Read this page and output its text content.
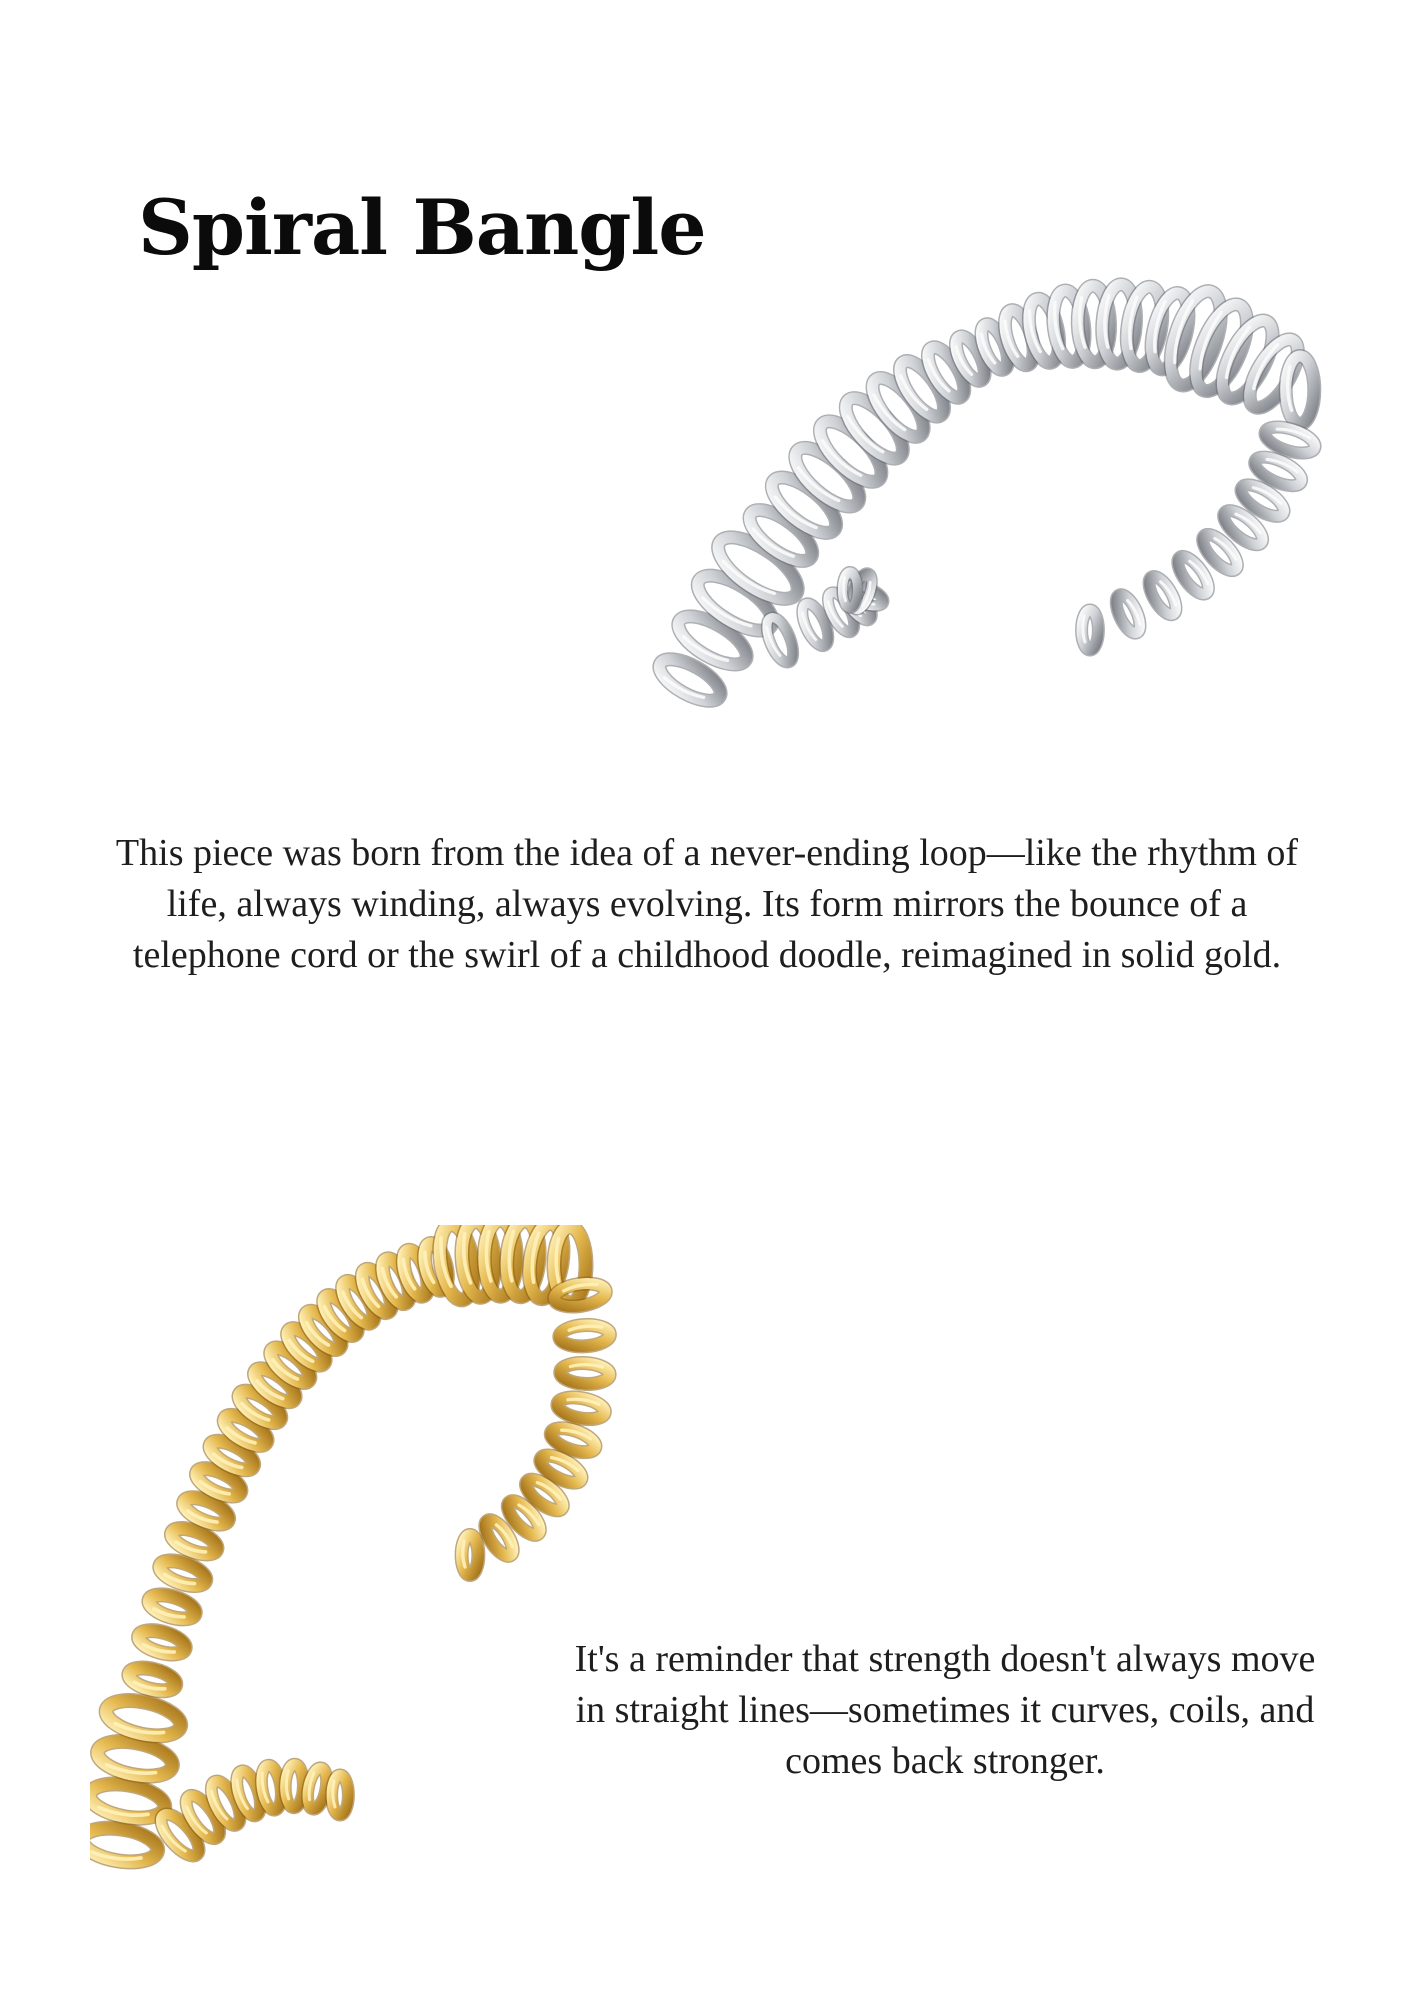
Spiral Bangle

This piece was born from the idea of a never-ending loop—like the rhythm of life, always winding, always evolving. Its form mirrors the bounce of a telephone cord or the swirl of a childhood doodle, reimagined in solid gold.

It's a reminder that strength doesn't always move in straight lines—sometimes it curves, coils, and comes back stronger.
